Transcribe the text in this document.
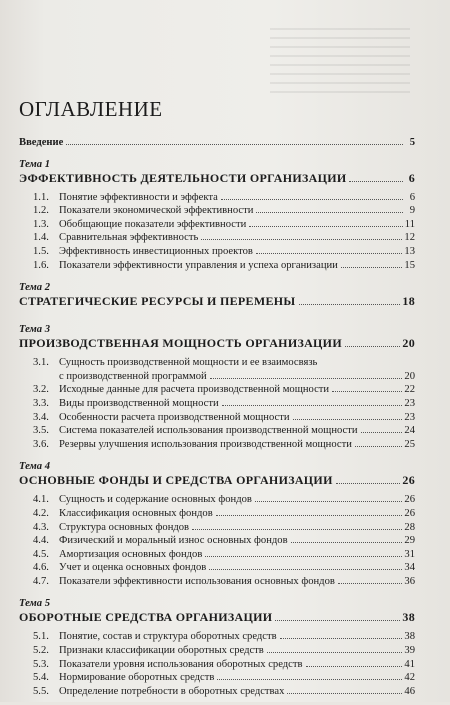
ОГЛАВЛЕНИЕ
Введение	5
Тема 1
ЭФФЕКТИВНОСТЬ ДЕЯТЕЛЬНОСТИ ОРГАНИЗАЦИИ	6
1.1. Понятие эффективности и эффекта	6
1.2. Показатели экономической эффективности	9
1.3. Обобщающие показатели эффективности	11
1.4. Сравнительная эффективность	12
1.5. Эффективность инвестиционных проектов	13
1.6. Показатели эффективности управления и успеха организации	15
Тема 2
СТРАТЕГИЧЕСКИЕ РЕСУРСЫ И ПЕРЕМЕНЫ	18
Тема 3
ПРОИЗВОДСТВЕННАЯ МОЩНОСТЬ ОРГАНИЗАЦИИ	20
3.1. Сущность производственной мощности и ее взаимосвязь
с производственной программой	20
3.2. Исходные данные для расчета производственной мощности	22
3.3. Виды производственной мощности	23
3.4. Особенности расчета производственной мощности	23
3.5. Система показателей использования производственной мощности	24
3.6. Резервы улучшения использования производственной мощности	25
Тема 4
ОСНОВНЫЕ ФОНДЫ И СРЕДСТВА ОРГАНИЗАЦИИ	26
4.1. Сущность и содержание основных фондов	26
4.2. Классификация основных фондов	26
4.3. Структура основных фондов	28
4.4. Физический и моральный износ основных фондов	29
4.5. Амортизация основных фондов	31
4.6. Учет и оценка основных фондов	34
4.7. Показатели эффективности использования основных фондов	36
Тема 5
ОБОРОТНЫЕ СРЕДСТВА ОРГАНИЗАЦИИ	38
5.1. Понятие, состав и структура оборотных средств	38
5.2. Признаки классификации оборотных средств	39
5.3. Показатели уровня использования оборотных средств	41
5.4. Нормирование оборотных средств	42
5.5. Определение потребности в оборотных средствах	46
